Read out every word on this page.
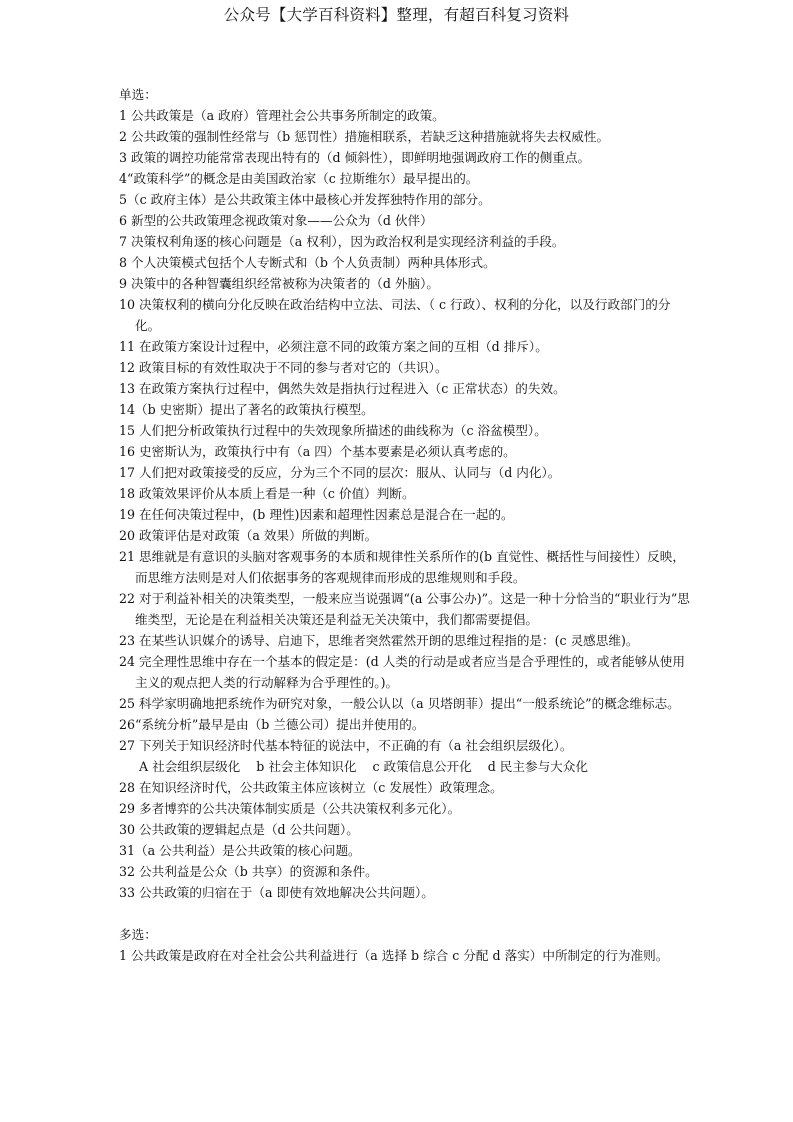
公众号【大学百科资料】整理，有超百科复习资料
单选：
1 公共政策是（a 政府）管理社会公共事务所制定的政策。
2 公共政策的强制性经常与（b 惩罚性）措施相联系，若缺乏这种措施就将失去权威性。
3 政策的调控功能常常表现出特有的（d 倾斜性），即鲜明地强调政府工作的侧重点。
4“政策科学”的概念是由美国政治家（c 拉斯维尔）最早提出的。
5（c 政府主体）是公共政策主体中最核心并发挥独特作用的部分。
6 新型的公共政策理念视政策对象——公众为（d 伙伴）
7 决策权利角逐的核心问题是（a 权利），因为政治权利是实现经济利益的手段。
8 个人决策模式包括个人专断式和（b 个人负责制）两种具体形式。
9 决策中的各种智囊组织经常被称为决策者的（d 外脑）。
10 决策权利的横向分化反映在政治结构中立法、司法、（ c 行政）、权利的分化，以及行政部门的分化。
11 在政策方案设计过程中，必须注意不同的政策方案之间的互相（d 排斥）。
12 政策目标的有效性取决于不同的参与者对它的（共识）。
13 在政策方案执行过程中，偶然失效是指执行过程进入（c 正常状态）的失效。
14（b 史密斯）提出了著名的政策执行模型。
15 人们把分析政策执行过程中的失效现象所描述的曲线称为（c 浴盆模型）。
16 史密斯认为，政策执行中有（a 四）个基本要素是必须认真考虑的。
17 人们把对政策接受的反应，分为三个不同的层次：服从、认同与（d 内化）。
18 政策效果评价从本质上看是一种（c 价值）判断。
19 在任何决策过程中，(b 理性)因素和超理性因素总是混合在一起的。
20 政策评估是对政策（a 效果）所做的判断。
21 思维就是有意识的头脑对客观事务的本质和规律性关系所作的(b 直觉性、概括性与间接性）反映，而思维方法则是对人们依据事务的客观规律而形成的思维规则和手段。
22 对于利益补相关的决策类型，一般来应当说强调“(a 公事公办)”。这是一种十分恰当的“职业行为”思维类型，无论是在利益相关决策还是利益无关决策中，我们都需要提倡。
23 在某些认识媒介的诱导、启迪下，思维者突然霍然开朗的思维过程指的是：(c 灵感思维)。
24 完全理性思维中存在一个基本的假定是：(d 人类的行动是或者应当是合乎理性的，或者能够从使用主义的观点把人类的行动解释为合乎理性的。)。
25 科学家明确地把系统作为研究对象，一般公认以（a 贝塔朗菲）提出“一般系统论”的概念维标志。
26“系统分析”最早是由（b 兰德公司）提出并使用的。
27 下列关于知识经济时代基本特征的说法中，不正确的有（a 社会组织层级化）。
A 社会组织层级化    b 社会主体知识化    c 政策信息公开化    d 民主参与大众化
28 在知识经济时代，公共政策主体应该树立（c 发展性）政策理念。
29 多者博弈的公共决策体制实质是（公共决策权利多元化）。
30 公共政策的逻辑起点是（d 公共问题）。
31（a 公共利益）是公共政策的核心问题。
32 公共利益是公众（b 共享）的资源和条件。
33 公共政策的归宿在于（a 即使有效地解决公共问题）。
多选：
1 公共政策是政府在对全社会公共利益进行（a 选择 b 综合 c 分配 d 落实）中所制定的行为准则。
